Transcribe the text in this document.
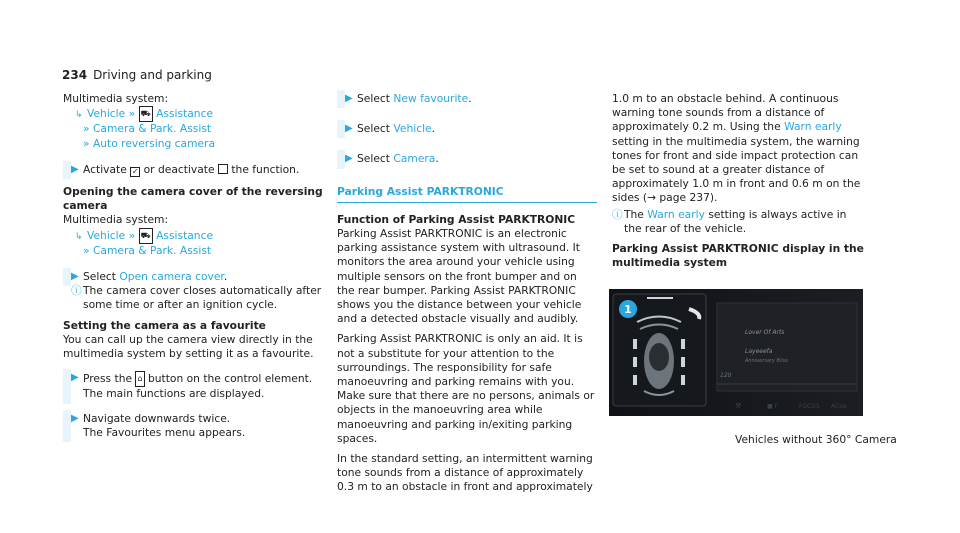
234 Driving and parking
Multimedia system:
↳ Vehicle » ⛟ Assistance
» Camera & Park. Assist
» Auto reversing camera
▶ Activate ✓ or deactivate the function.
Opening the camera cover of the reversing camera
Multimedia system:
↳ Vehicle » ⛟ Assistance
» Camera & Park. Assist
▶ Select Open camera cover.
ⓘ The camera cover closes automatically after some time or after an ignition cycle.
Setting the camera as a favourite
You can call up the camera view directly in the multimedia system by setting it as a favourite.
▶ Press the ⌂ button on the control element.
The main functions are displayed.
▶ Navigate downwards twice.
The Favourites menu appears.
▶ Select New favourite.
▶ Select Vehicle.
▶ Select Camera.
Parking Assist PARKTRONIC
Function of Parking Assist PARKTRONIC
Parking Assist PARKTRONIC is an electronic parking assistance system with ultrasound. It monitors the area around your vehicle using multiple sensors on the front bumper and on the rear bumper. Parking Assist PARKTRONIC shows you the distance between your vehicle and a detected obstacle visually and audibly.
Parking Assist PARKTRONIC is only an aid. It is not a substitute for your attention to the surroundings. The responsibility for safe manoeuvring and parking remains with you. Make sure that there are no persons, animals or objects in the manoeuvring area while manoeuvring and parking in/exiting parking spaces.
In the standard setting, an intermittent warning tone sounds from a distance of approximately 0.3 m to an obstacle in front and approximately
1.0 m to an obstacle behind. A continuous warning tone sounds from a distance of approximately 0.2 m. Using the Warn early setting in the multimedia system, the warning tones for front and side impact protection can be set to sound at a greater distance of approximately 1.0 m in front and 0.6 m on the sides (→ page 237).
ⓘ The Warn early setting is always active in the rear of the vehicle.
Parking Assist PARKTRONIC display in the multimedia system
1
Lover Of Arts
Layeeefa
Anniversary Bliss
120
⚒	■ F	FOCUS ACoe
Vehicles without 360° Camera
